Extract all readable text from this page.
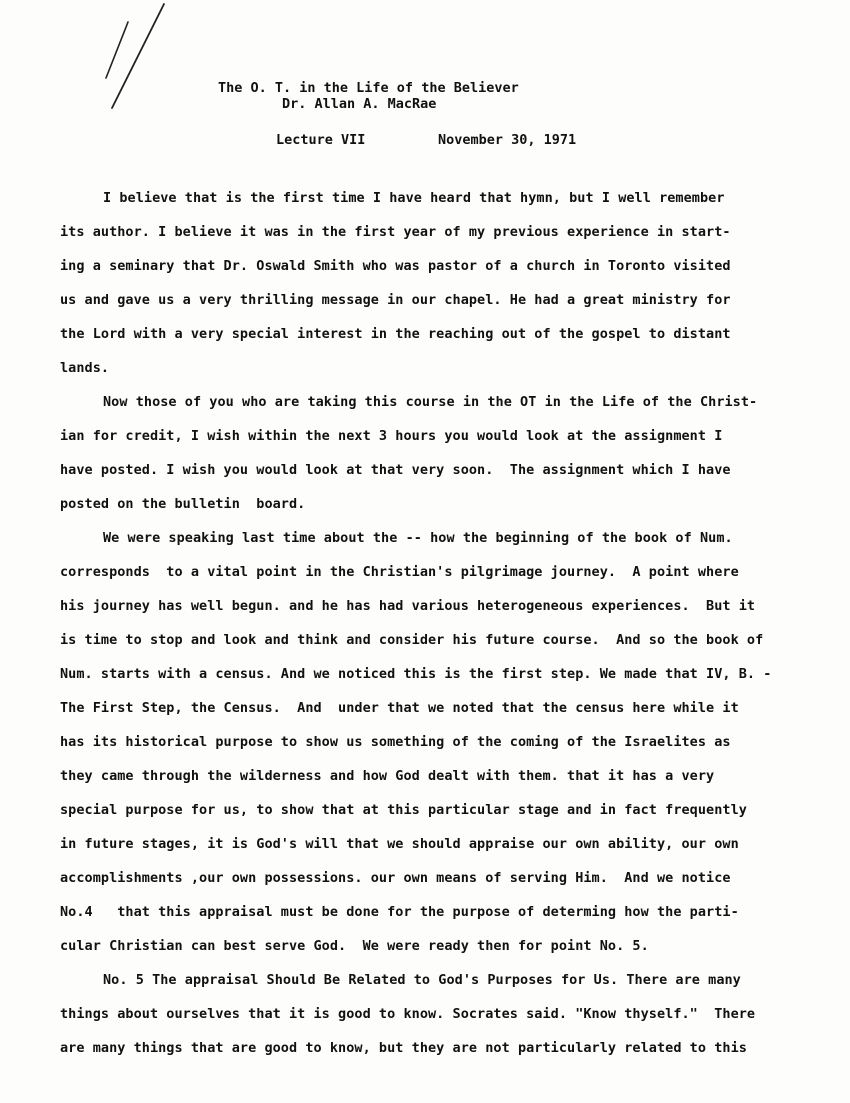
The O. T. in the Life of the Believer
Dr. Allan A. MacRae
Lecture VII	November 30, 1971
I believe that is the first time I have heard that hymn, but I well remember
its author. I believe it was in the first year of my previous experience in start-
ing a seminary that Dr. Oswald Smith who was pastor of a church in Toronto visited
us and gave us a very thrilling message in our chapel. He had a great ministry for
the Lord with a very special interest in the reaching out of the gospel to distant
lands.
Now those of you who are taking this course in the OT in the Life of the Christ-
ian for credit, I wish within the next 3 hours you would look at the assignment I
have posted. I wish you would look at that very soon.  The assignment which I have
posted on the bulletin  board.
We were speaking last time about the -- how the beginning of the book of Num.
corresponds  to a vital point in the Christian's pilgrimage journey.  A point where
his journey has well begun. and he has had various heterogeneous experiences.  But it
is time to stop and look and think and consider his future course.  And so the book of
Num. starts with a census. And we noticed this is the first step. We made that IV, B. -
The First Step, the Census.  And  under that we noted that the census here while it
has its historical purpose to show us something of the coming of the Israelites as
they came through the wilderness and how God dealt with them. that it has a very
special purpose for us, to show that at this particular stage and in fact frequently
in future stages, it is God's will that we should appraise our own ability, our own
accomplishments ,our own possessions. our own means of serving Him.  And we notice
No.4   that this appraisal must be done for the purpose of determing how the parti-
cular Christian can best serve God.  We were ready then for point No. 5.
No. 5 The appraisal Should Be Related to God's Purposes for Us. There are many
things about ourselves that it is good to know. Socrates said. "Know thyself."  There
are many things that are good to know, but they are not particularly related to this
